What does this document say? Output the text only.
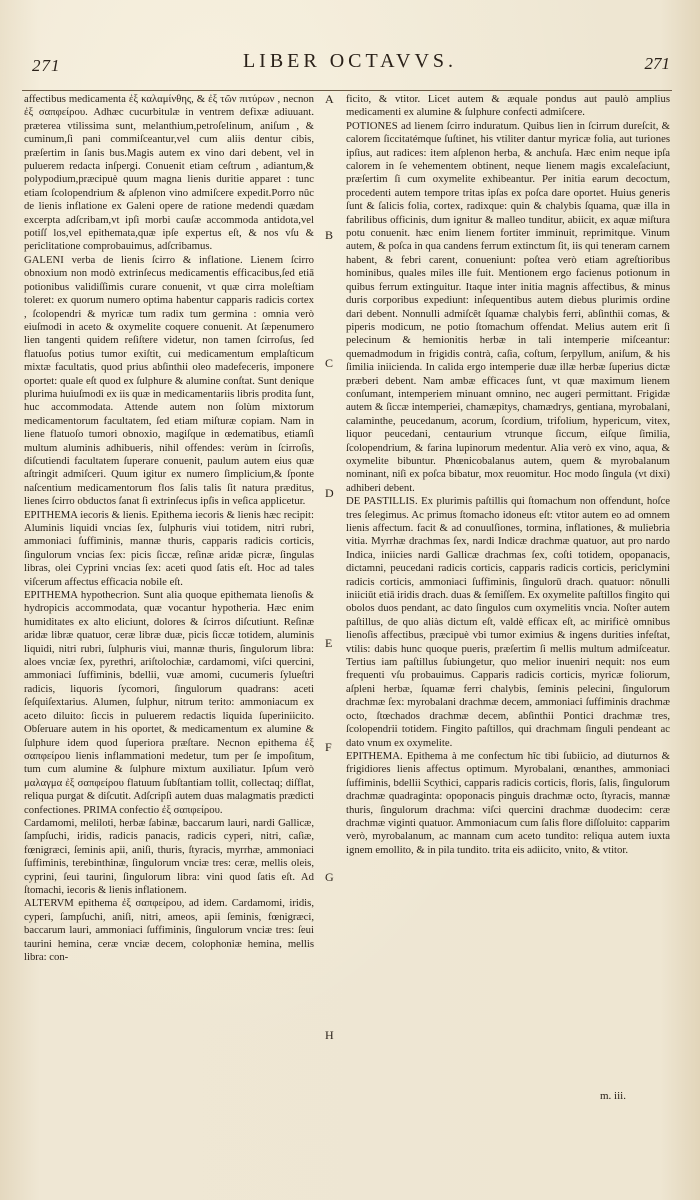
271	LIBER OCTAVVS.	271

affectibus medicamenta ἐξ καλαμίνθης, & ἐξ τῶν πιτύρων , necnon ἐξ σαπφείρου. Adhæc cucurbitulæ in ventrem defixæ adiuuant. præterea vtilissima sunt, melanthium,petroſelinum, aniſum , & cuminum,ſi pani commiſceantur,vel cum aliis dentur cibis, præſertim in ſanis bus.Magis autem ex vino dari debent, vel in puluerem redacta inſpergi. Conuenit etiam ceſtrum , adiantum,& polypodium,præcipuè quum magna lienis duritie apparet : tunc etiam ſcolopendrium & aſplenon vino admiſcere expedit.Porro nûc de lienis inflatione ex Galeni opere de ratione medendi quædam excerpta adſcribam,vt ipſi morbi cauſæ accommoda antidota,vel potiſſ los,vel epithemata,quæ ipſe expertus eſt, & nos vſu & periclitatione comprobauimus, adſcribamus.

GALENI verba de lienis ſcirro & inflatione. Lienem ſcirro obnoxium non modò extrinſecus medicamentis efficacibus,ſed etiā potionibus validiſſimis curare conuenit, vt quæ cirra moleſtiam toleret: ex quorum numero optima habentur capparis radicis cortex , ſcolopendri & myricæ tum radix tum germina : omnia verò eiuſmodi in aceto & oxymelite coquere conuenit. At ſæpenumero lien tangenti quidem reſiſtere videtur, non tamen ſcirroſus, ſed flatuoſus potius tumor exiſtit, cui medicamentum emplaſticum mixtæ facultatis, quod prius abſinthii oleo madefeceris, imponere oportet: quale eſt quod ex ſulphure & alumine conſtat. Sunt denique plurima huiuſmodi ex iis quæ in medicamentariis libris prodita ſunt, huc accommodata. Attende autem non ſolùm mixtorum medicamentorum facultatem, ſed etiam miſturæ copiam. Nam in liene flatuoſo tumori obnoxio, magiſque in œdematibus, etiamſi multum aluminis adhibueris, nihil offendes: verùm in ſcirroſis, diſcutiendi facultatem ſuperare conuenit, paulum autem eius quæ aſtringit admiſceri. Quum igitur ex numero ſimplicium,& ſponte naſcentium medicamentorum flos ſalis talis ſit natura præditus, lienes ſcirro obductos ſanat ſi extrinſecus ipſis in veſica applicetur.

EPITHEMA iecoris & lienis. Epithema iecoris & lienis hæc recipit: Aluminis liquidi vncias ſex, ſulphuris viui totidem, nitri rubri, ammoniaci ſuffiminis, mannæ thuris, capparis radicis corticis, ſingulorum vncias ſex: picis ſiccæ, reſinæ aridæ picræ, ſingulas libras, olei Cyprini vncias ſex: aceti quod ſatis eſt. Hoc ad tales viſcerum affectus efficacia nobile eſt.

EPITHEMA hypothecrion. Sunt alia quoque epithemata lienoſis & hydropicis accommodata, quæ vocantur hypotheria. Hæc enim humiditates ex alto eliciunt, dolores & ſcirros diſcutiunt. Reſinæ aridæ libræ quatuor, ceræ libræ duæ, picis ſiccæ totidem, aluminis liquidi, nitri rubri, ſulphuris viui, mannæ thuris, ſingulorum libra: aloes vnciæ ſex, pyrethri, ariſtolochiæ, cardamomi, viſci quercini, ammoniaci ſuffiminis, bdellii, vuæ amomi, cucumeris ſylueſtri radicis, liquoris ſycomori, ſingulorum quadrans: aceti ſeſquiſextarius. Alumen, ſulphur, nitrum terito: ammoniacum ex aceto diluito: ſiccis in puluerem redactis liquida ſuperiniicito. Obſeruare autem in his oportet, & medicamentum ex alumine & ſulphure idem quod ſuperiora præſtare. Necnon epithema ἐξ σαπφείρου lienis inflammationi medetur, tum per ſe impoſitum, tum cum alumine & ſulphure mixtum auxiliatur. Ipſum verò μαλαγμα ἐξ σαπφείρου flatuum ſubſtantiam tollit, collectaq; diſflat, reliqua purgat & diſcutit. Adſcripſi autem duas malagmatis prædicti confectiones. PRIMA confectio ἐξ σαπφείρου.

Cardamomi, meliloti, herbæ ſabinæ, baccarum lauri, nardi Gallicæ, ſampſuchi, iridis, radicis panacis, radicis cyperi, nitri, caſiæ, fœnigræci, ſeminis apii, aniſi, thuris, ſtyracis, myrrhæ, ammoniaci ſuffiminis, terebinthinæ, ſingulorum vnciæ tres: ceræ, mellis oleis, cyprini, ſeui taurini, ſingulorum libra: vini quod ſatis eſt. Ad ſtomachi, iecoris & lienis inflationem.

ALTERVM epithema ἐξ σαπφείρου, ad idem. Cardamomi, iridis, cyperi, ſampſuchi, aniſi, nitri, ameos, apii ſeminis, fœnigræci, baccarum lauri, ammoniaci ſuffiminis, ſingulorum vnciæ tres: ſeui taurini hemina, ceræ vnciæ decem, colophoniæ hemina, mellis libra: con-

A
B
C
D
E
F
G
H

ficito, & vtitor. Licet autem & æquale pondus aut paulò amplius medicamenti ex alumine & ſulphure confecti admiſcere.

POTIONES ad lienem ſcirro induratum. Quibus lien in ſcirrum dureſcit, & calorem ſiccitatémque ſuſtinet, his vtiliter dantur myricæ folia, aut turiones ipſius, aut radices: item aſplenon herba, & anchuſa. Hæc enim neque ipſa calorem in ſe vehementem obtinent, neque lienem magis excaleſaciunt, præſertim ſi cum oxymelite exhibeantur. Per initia earum decoctum, procedenti autem tempore tritas ipſas ex poſca dare oportet. Huius generis ſunt & ſalicis folia, cortex, radixque: quin & chalybis ſquama, quæ illa in fabrilibus officinis, dum ignitur & malleo tunditur, abiicit, ex aquæ miſtura potu conuenit. hæc enim lienem fortiter imminuit, reprimitque. Vinum autem, & poſca in qua candens ferrum extinctum ſit, iis qui teneram carnem habent, & febri carent, conueniunt: poſtea verò etiam agreſtioribus hominibus, quales miles ille fuit. Mentionem ergo facienus potionum in quibus ferrum extinguitur. Itaque inter initia magnis affectibus, & minus duris corporibus expediunt: inſequentibus autem diebus plurimis ordine dari debent. Nonnulli admiſcêt ſquamæ chalybis ferri, abſinthii comas, & piperis modicum, ne potio ſtomachum offendat. Melius autem erit ſi pelecinum & hemionitis herbæ in tali intemperie miſceantur: quemadmodum in frigidis contrà, caſia, coſtum, ſerpyllum, aniſum, & his ſimilia iniicienda. In calida ergo intemperie duæ illæ herbæ ſuperius dictæ præberi debent. Nam ambæ efficaces ſunt, vt quæ maximum lienem conſumant, intemperiem minuant omnino, nec augeri permittant. Frigidæ autem & ſiccæ intemperiei, chamæpitys, chamædrys, gentiana, myrobalani, calaminthe, peucedanum, acorum, ſcordium, trifolium, hypericum, vitex, liquor peucedani, centaurium vtrunque ſiccum, eiſque ſimilia, ſcolopendrium, & farina lupinorum medentur. Alia verò ex vino, aqua, & oxymelite bibuntur. Phœnicobalanus autem, quem & myrobalanum nominant, niſi ex poſca bibatur, mox reuomitur. Hoc modo ſingula (vt dixi) adhiberi debent.

DE PASTILLIS. Ex plurimis paſtillis qui ſtomachum non offendunt, hoſce tres ſelegimus. Ac primus ſtomacho idoneus eſt: vtitor autem eo ad omnem lienis affectum. facit & ad conuulſiones, tormina, inflationes, & muliebria vitia. Myrrhæ drachmas ſex, nardi Indicæ drachmæ quatuor, aut pro nardo Indica, iniicies nardi Gallicæ drachmas ſex, coſti totidem, opopanacis, dictamni, peucedani radicis corticis, capparis radicis corticis, periclymini radicis corticis, ammoniaci ſuffiminis, ſingulorū drach. quatuor: nōnulli iniiciūt etiā iridis drach. duas & ſemiſſem. Ex oxymelite paſtillos fingito qui obolos duos pendant, ac dato ſingulos cum oxymelitis vncia. Noſter autem paſtillus, de quo aliàs dictum eſt, valdè efficax eſt, ac mirificè omnibus lienoſis affectibus, præcipuè vbi tumor eximius & ingens durities infeſtat, vtilis: dabis hunc quoque pueris, præſertim ſi mellis multum admiſceatur. Tertius iam paſtillus ſubiungetur, quo melior inueniri nequit: nos eum frequenti vſu probauimus. Capparis radicis corticis, myricæ foliorum, aſpleni herbæ, ſquamæ ferri chalybis, ſeminis pelecini, ſingulorum drachmæ ſex: myrobalani drachmæ decem, ammoniaci ſuffiminis drachmæ octo, ſtœchados drachmæ decem, abſinthii Pontici drachmæ tres, ſcolopendrii totidem. Fingito paſtillos, qui drachmam ſinguli pendeant ac dato vnum ex oxymelite.

EPITHEMA. Epithema à me confectum hîc tibi ſubiicio, ad diuturnos & frigidiores lienis affectus optimum. Myrobalani, œnanthes, ammoniaci ſuffiminis, bdellii Scythici, capparis radicis corticis, floris, ſalis, ſingulorum drachmæ quadraginta: opoponacis pinguis drachmæ octo, ſtyracis, mannæ thuris, ſingulorum drachma: viſci quercini drachmæ duodecim: ceræ drachmæ viginti quatuor. Ammoniacum cum ſalis flore diſſoluito: capparim verò, myrobalanum, ac mannam cum aceto tundito: reliqua autem iuxta ignem emollito, & in pila tundito. trita eis adiicito, vnito, & vtitor.

m. iii.
